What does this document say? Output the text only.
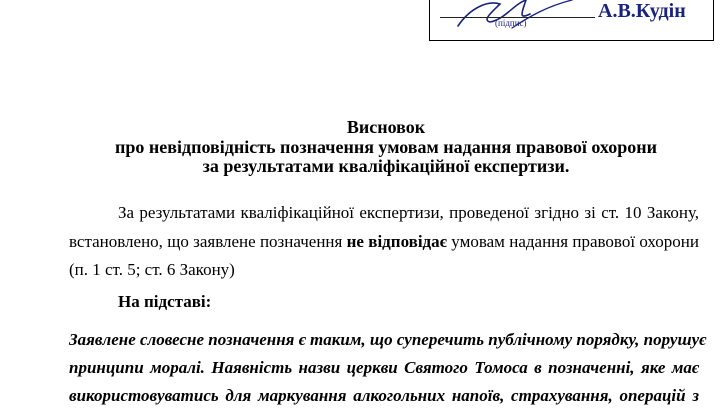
(підпис)
А.В.Кудін
Висновок
про невідповідність позначення умовам надання правової охорони
за результатами кваліфікаційної експертизи.
За результатами кваліфікаційної експертизи, проведеної згідно зі ст. 10 Закону,
встановлено, що заявлене позначення не відповідає умовам надання правової охорони
(п. 1 ст. 5; ст. 6 Закону)
На підставі:
Заявлене словесне позначення є таким, що суперечить публічному порядку, порушує
принципи моралі. Наявність назви церкви Святого Томоса в позначенні, яке має
використовуватись для маркування алкогольних напоїв, страхування, операцій з
